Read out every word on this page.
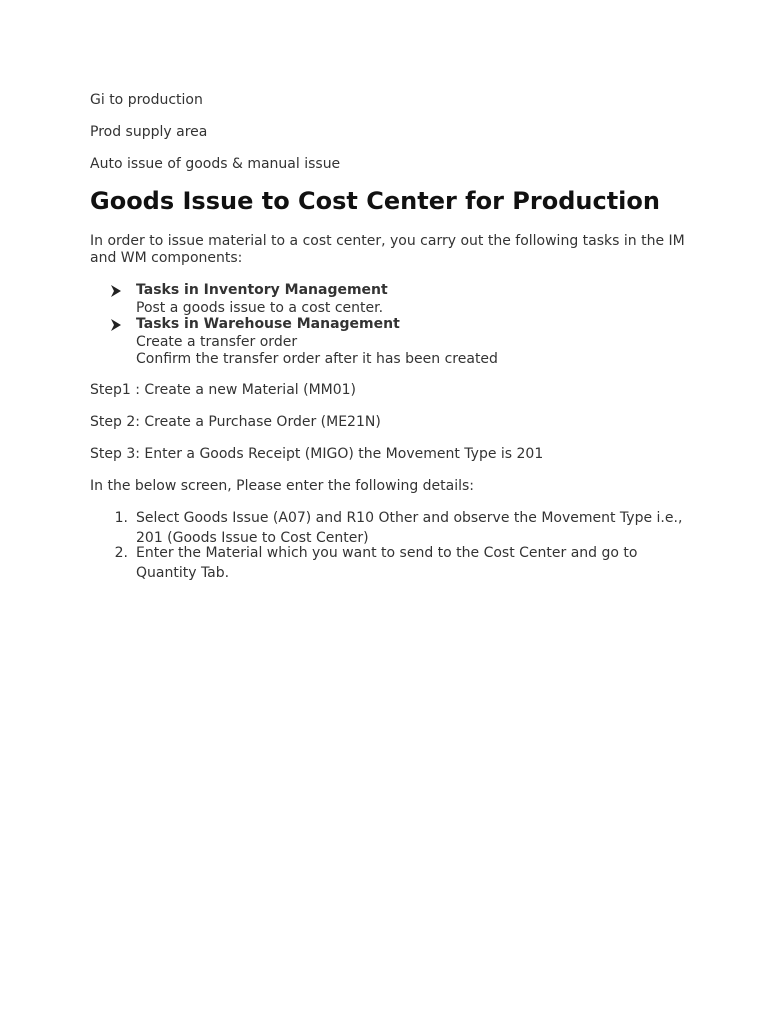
Gi to production
Prod supply area
Auto issue of goods & manual issue
Goods Issue to Cost Center for Production
In order to issue material to a cost center, you carry out the following tasks in the IM and WM components:
Tasks in Inventory Management
Post a goods issue to a cost center.
Tasks in Warehouse Management
Create a transfer order
Confirm the transfer order after it has been created
Step1 : Create a new Material (MM01)
Step 2: Create a Purchase Order (ME21N)
Step 3: Enter a Goods Receipt (MIGO) the Movement Type is 201
In the below screen, Please enter the following details:
1. Select Goods Issue (A07) and R10 Other and observe the Movement Type i.e., 201 (Goods Issue to Cost Center)
2. Enter the Material which you want to send to the Cost Center and go to Quantity Tab.
